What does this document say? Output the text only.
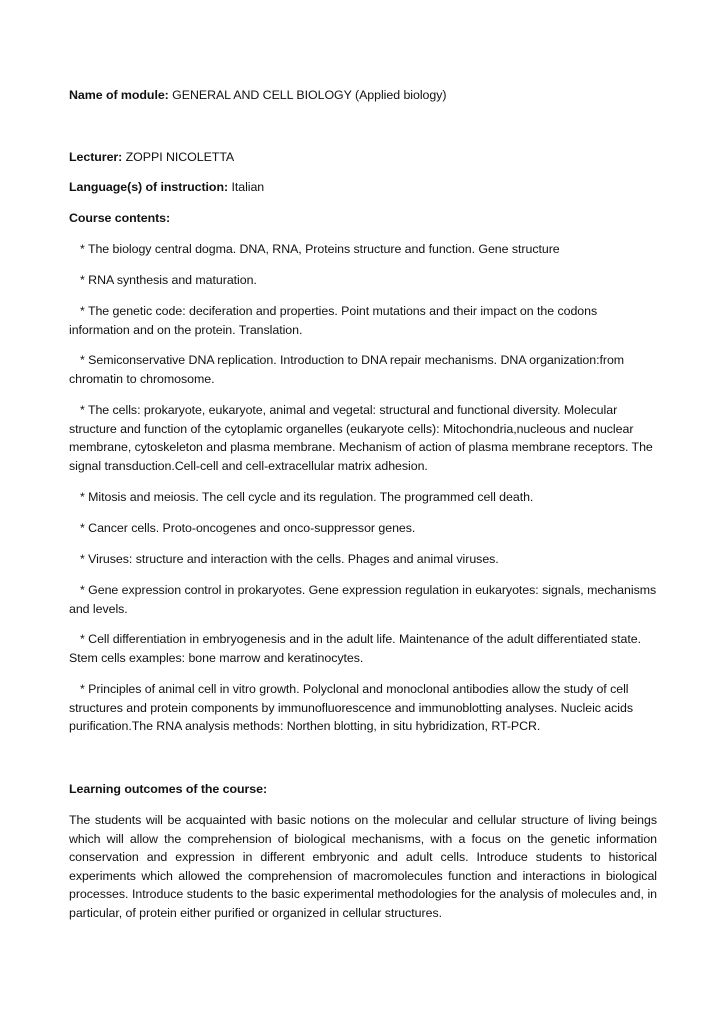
Name of module: GENERAL AND CELL BIOLOGY (Applied biology)

Lecturer: ZOPPI NICOLETTA

Language(s) of instruction: Italian

Course contents:

* The biology central dogma. DNA, RNA, Proteins structure and function. Gene structure

* RNA synthesis and maturation.

* The genetic code: deciferation and properties. Point mutations and their impact on the codons information and on the protein. Translation.

* Semiconservative DNA replication. Introduction to DNA repair mechanisms. DNA organization:from chromatin to chromosome.

* The cells: prokaryote, eukaryote, animal and vegetal: structural and functional diversity. Molecular structure and function of the cytoplamic organelles (eukaryote cells): Mitochondria,nucleous and nuclear membrane, cytoskeleton and plasma membrane. Mechanism of action of plasma membrane receptors. The signal transduction.Cell-cell and cell-extracellular matrix adhesion.

* Mitosis and meiosis. The cell cycle and its regulation. The programmed cell death.

* Cancer cells. Proto-oncogenes and onco-suppressor genes.

* Viruses: structure and interaction with the cells. Phages and animal viruses.

* Gene expression control in prokaryotes. Gene expression regulation in eukaryotes: signals, mechanisms and levels.

* Cell differentiation in embryogenesis and in the adult life. Maintenance of the adult differentiated state. Stem cells examples: bone marrow and keratinocytes.

* Principles of animal cell in vitro growth. Polyclonal and monoclonal antibodies allow the study of cell structures and protein components by immunofluorescence and immunoblotting analyses. Nucleic acids purification.The RNA analysis methods: Northen blotting, in situ hybridization, RT-PCR.

Learning outcomes of the course:

The students will be acquainted with basic notions on the molecular and cellular structure of living beings which will allow the comprehension of biological mechanisms, with a focus on the genetic information conservation and expression in different embryonic and adult cells. Introduce students to historical experiments which allowed the comprehension of macromolecules function and interactions in biological processes. Introduce students to the basic experimental methodologies for the analysis of molecules and, in particular, of protein either purified or organized in cellular structures.
